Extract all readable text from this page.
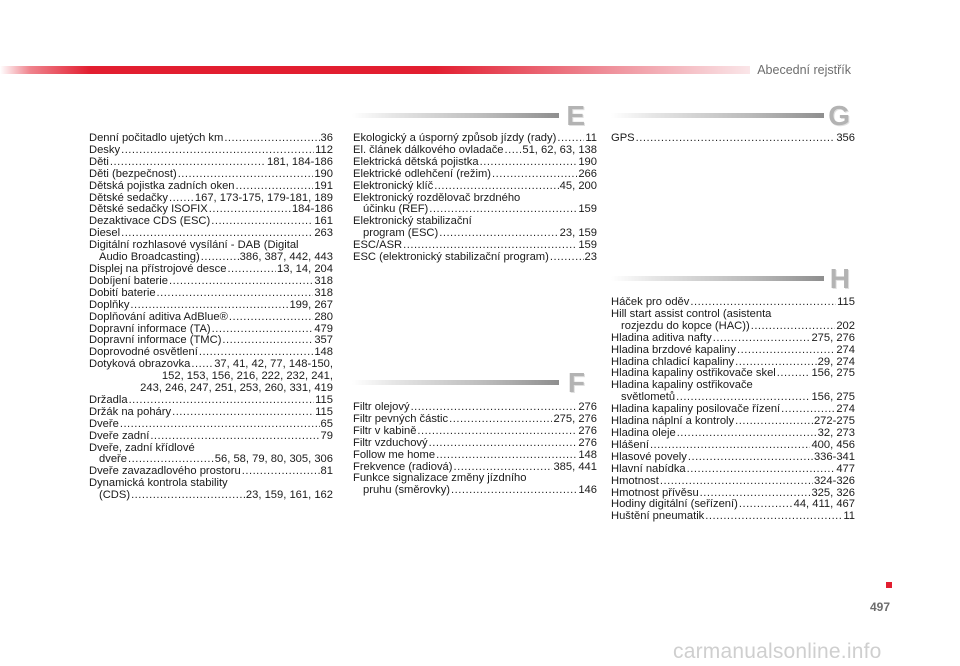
Abecední rejstřík
Denní počitadlo ujetých km .....	36
Desky .....	112
Děti .....	181, 184-186
Děti (bezpečnost) .....	190
Dětská pojistka zadních oken .....	191
Dětské sedačky ..... 167, 173-175, 179-181, 189
Dětské sedačky ISOFIX .....	184-186
Dezaktivace CDS (ESC) .....	161
Diesel .....	263
Digitální rozhlasové vysílání - DAB (Digital
Audio Broadcasting) .....	386, 387, 442, 443
Displej na přístrojové desce .....	13, 14, 204
Dobíjení baterie .....	318
Dobití baterie .....	318
Doplňky .....	199, 267
Doplňování aditiva AdBlue® .....	280
Dopravní informace (TA) .....	479
Dopravní informace (TMC) .....	357
Doprovodné osvětlení .....	148
Dotyková obrazovka ..... 37, 41, 42, 77, 148-150,
152, 153, 156, 216, 222, 232, 241,
243, 246, 247, 251, 253, 260, 331, 419
Držadla .....	115
Držák na poháry .....	115
Dveře .....	65
Dveře zadní .....	79
Dveře, zadní křídlové
dveře .....	56, 58, 79, 80, 305, 306
Dveře zavazadlového prostoru .....	81
Dynamická kontrola stability
(CDS) .....	23, 159, 161, 162
E	G
H
F
Ekologický a úsporný způsob jízdy (rady) .....	11
El. článek dálkového ovladače ..... 51, 62, 63, 138
Elektrická dětská pojistka .....	190
Elektrické odlehčení (režim) .....	266
Elektronický klíč .....	45, 200
Elektronický rozdělovač brzdného
účinku (REF) .....	159
Elektronický stabilizační
program (ESC) .....	23, 159
ESC/ASR .....	159
ESC (elektronický stabilizační program) .....	23
Filtr olejový .....	276
Filtr pevných částic .....	275, 276
Filtr v kabině .....	276
Filtr vzduchový .....	276
Follow me home .....	148
Frekvence (radiová) .....	385, 441
Funkce signalizace změny jízdního
pruhu (směrovky) .....	146
GPS .....	356
Háček pro oděv .....	115
Hill start assist control (asistenta
rozjezdu do kopce (HAC)) .....	202
Hladina aditiva nafty .....	275, 276
Hladina brzdové kapaliny .....	274
Hladina chladicí kapaliny .....	29, 274
Hladina kapaliny ostřikovače skel .....	156, 275
Hladina kapaliny ostřikovače
světlometů .....	156, 275
Hladina kapaliny posilovače řízení .....	274
Hladina náplní a kontroly .....	272-275
Hladina oleje .....	32, 273
Hlášení .....	400, 456
Hlasové povely .....	336-341
Hlavní nabídka .....	477
Hmotnost .....	324-326
Hmotnost přívěsu .....	325, 326
Hodiny digitální (seřízení) .....	44, 411, 467
Huštění pneumatik .....	11
497
carmanualsonline.info
